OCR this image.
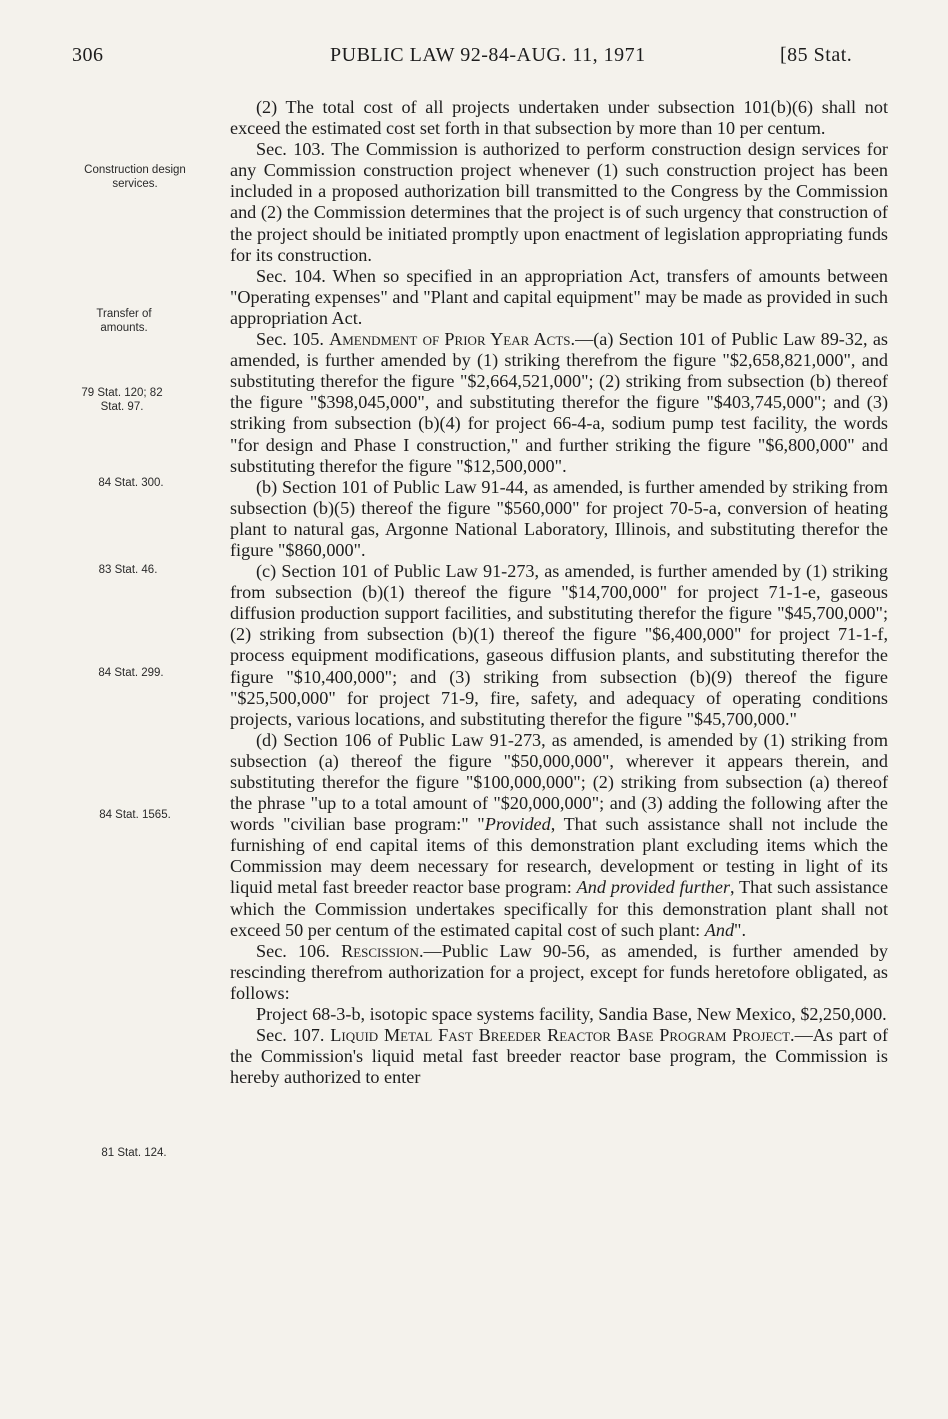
306	PUBLIC LAW 92-84-AUG. 11, 1971	[85 Stat.
Construction design services.
Transfer of amounts.
79 Stat. 120; 82 Stat. 97.
84 Stat. 300.
83 Stat. 46.
84 Stat. 299.
84 Stat. 1565.
81 Stat. 124.

(2) The total cost of all projects undertaken under subsection 101(b)(6) shall not exceed the estimated cost set forth in that subsection by more than 10 per centum.

Sec. 103. The Commission is authorized to perform construction design services for any Commission construction project whenever (1) such construction project has been included in a proposed authorization bill transmitted to the Congress by the Commission and (2) the Commission determines that the project is of such urgency that construction of the project should be initiated promptly upon enactment of legislation appropriating funds for its construction.

Sec. 104. When so specified in an appropriation Act, transfers of amounts between "Operating expenses" and "Plant and capital equipment" may be made as provided in such appropriation Act.

Sec. 105. Amendment of Prior Year Acts.—(a) Section 101 of Public Law 89-32, as amended, is further amended by (1) striking therefrom the figure "$2,658,821,000", and substituting therefor the figure "$2,664,521,000"; (2) striking from subsection (b) thereof the figure "$398,045,000", and substituting therefor the figure "$403,745,000"; and (3) striking from subsection (b)(4) for project 66-4-a, sodium pump test facility, the words "for design and Phase I construction," and further striking the figure "$6,800,000" and substituting therefor the figure "$12,500,000".

(b) Section 101 of Public Law 91-44, as amended, is further amended by striking from subsection (b)(5) thereof the figure "$560,000" for project 70-5-a, conversion of heating plant to natural gas, Argonne National Laboratory, Illinois, and substituting therefor the figure "$860,000".

(c) Section 101 of Public Law 91-273, as amended, is further amended by (1) striking from subsection (b)(1) thereof the figure "$14,700,000" for project 71-1-e, gaseous diffusion production support facilities, and substituting therefor the figure "$45,700,000"; (2) striking from subsection (b)(1) thereof the figure "$6,400,000" for project 71-1-f, process equipment modifications, gaseous diffusion plants, and substituting therefor the figure "$10,400,000"; and (3) striking from subsection (b)(9) thereof the figure "$25,500,000" for project 71-9, fire, safety, and adequacy of operating conditions projects, various locations, and substituting therefor the figure "$45,700,000."

(d) Section 106 of Public Law 91-273, as amended, is amended by (1) striking from subsection (a) thereof the figure "$50,000,000", wherever it appears therein, and substituting therefor the figure "$100,000,000"; (2) striking from subsection (a) thereof the phrase "up to a total amount of "$20,000,000"; and (3) adding the following after the words "civilian base program:" "Provided, That such assistance shall not include the furnishing of end capital items of this demonstration plant excluding items which the Commission may deem necessary for research, development or testing in light of its liquid metal fast breeder reactor base program: And provided further, That such assistance which the Commission undertakes specifically for this demonstration plant shall not exceed 50 per centum of the estimated capital cost of such plant: And".

Sec. 106. Rescission.—Public Law 90-56, as amended, is further amended by rescinding therefrom authorization for a project, except for funds heretofore obligated, as follows:

Project 68-3-b, isotopic space systems facility, Sandia Base, New Mexico, $2,250,000.

Sec. 107. Liquid Metal Fast Breeder Reactor Base Program Project.—As part of the Commission's liquid metal fast breeder reactor base program, the Commission is hereby authorized to enter
